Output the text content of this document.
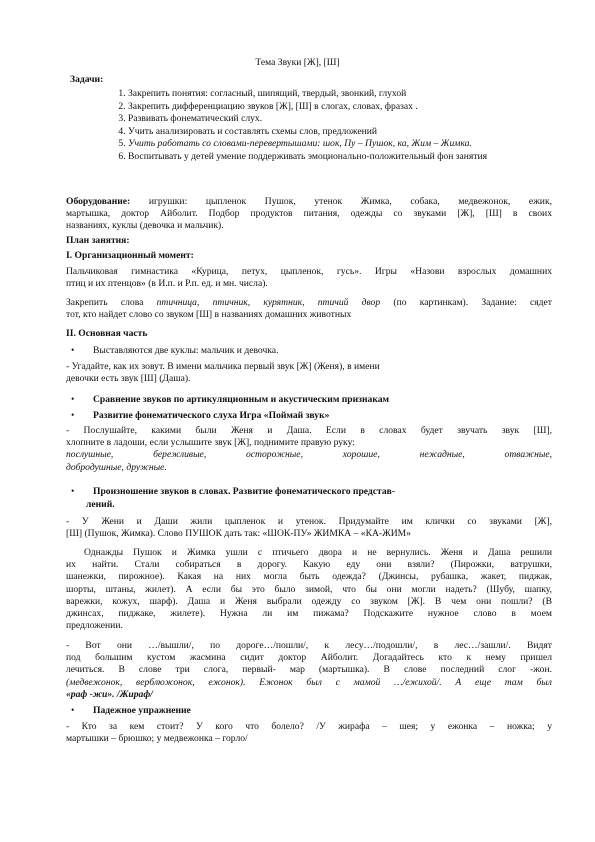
Тема Звуки [Ж], [Ш]
Задачи:
1. Закрепить понятия: согласный, шипящий, твердый, звонкий, глухой
2. Закрепить дифференциацию звуков [Ж], [Ш] в слогах, словах, фразах .
3. Развивать фонематический слух.
4. Учить анализировать и составлять схемы слов, предложений
5. Учить работать со словами-перевертышами: шок, Пу – Пушок, ка, Жим – Жимка.
6. Воспитывать у детей умение поддерживать эмоционально-положительный фон занятия
Оборудование: игрушки: цыпленок Пушок, утенок Жимка, собака, медвежонок, ежик,
мартышка, доктор Айболит. Подбор продуктов питания, одежды со звуками [Ж], [Ш] в своих
названиях, куклы (девочка и мальчик).
План занятия:
I. Организационный момент:
Пальчиковая гимнастика «Курица, петух, цыпленок, гусь». Игры «Назови взрослых домашних
птиц и их птенцов» (в И.п. и Р.п. ед. и мн. числа).
Закрепить слова птичница, птичник, курятник, птичий двор (по картинкам). Задание: сядет
тот, кто найдет слово со звуком [Ш] в названиях домашних животных
II. Основная часть
• Выставляются две куклы: мальчик и девочка.
- Угадайте, как их зовут. В имени мальчика первый звук [Ж] (Женя), в имени
девочки есть звук [Ш] (Даша).
• Сравнение звуков по артикуляционным и акустическим признакам
• Развитие фонематического слуха Игра «Поймай звук»
- Послушайте, какими были Женя и Даша. Если в словах будет звучать звук [Ш],
хлопните в ладоши, если услышите звук [Ж], поднимите правую руку:
послушные, бережливые, осторожные, хорошие, нежадные, отважные,
добродушные, дружные.
• Произношение звуков в словах. Развитие фонематического представ-
лений.
- У Жени и Даши жили цыпленок и утенок. Придумайте им клички со звуками [Ж],
[Ш] (Пушок, Жимка). Слово ПУШОК дать так: «ШОК-ПУ» ЖИМКА – «КА-ЖИМ»
Однажды Пушок и Жимка ушли с птичьего двора и не вернулись. Женя и Даша решили
их найти. Стали собираться в дорогу. Какую еду они взяли? (Пирожки, ватрушки,
шанежки, пирожное). Какая на них могла быть одежда? (Джинсы, рубашка, жакет, пиджак,
шорты, штаны, жилет). А если бы это было зимой, что бы они могли надеть? (Шубу, шапку,
варежки, кожух, шарф). Даша и Женя выбрали одежду со звуком [Ж]. В чем они пошли? (В
джинсах, пиджаке, жилете). Нужна ли им пижама? Подскажите нужное слово в моем
предложении.
- Вот они …/вышли/, по дороге…/пошли/, к лесу…/подошли/, в лес…/зашли/. Видят
под большим кустом жасмина сидит доктор Айболит. Догадайтесь кто к нему пришел
лечиться. В слове три слога, первый- мар (мартышка). В слове последний слог -жон.
(медвежонок, верблюжонок, ежонок). Ежонок был с мамой …/ежихой/. А еще там был
«раф -жи». /Жираф/
• Падежное упражнение
- Кто за кем стоит? У кого что болело? /У жирафа – шея; у ежонка – ножка; у
мартышки – брюшко; у медвежонка – горло/
